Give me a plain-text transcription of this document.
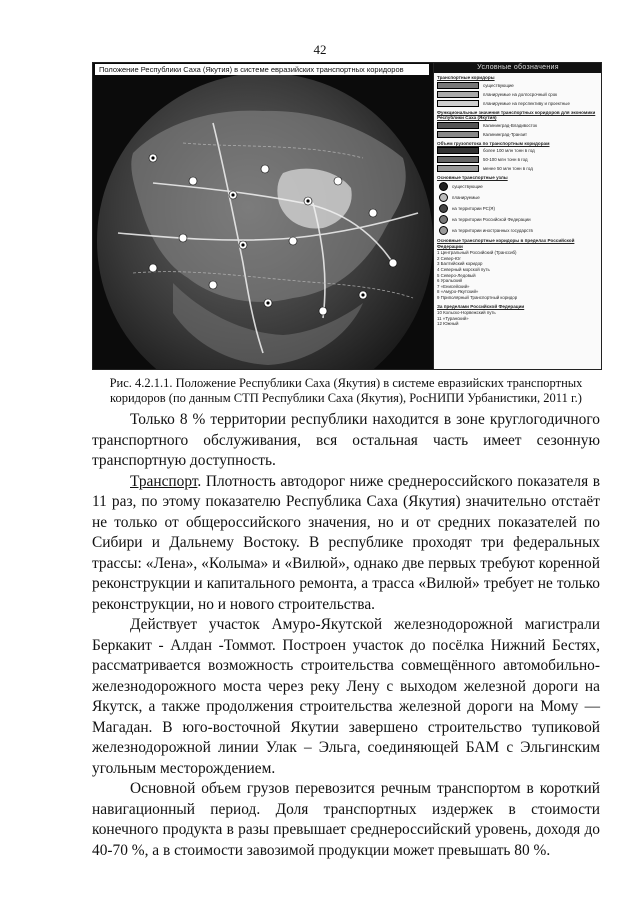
42
Положение Республики Саха (Якутия) в системе евразийских транспортных коридоров	Условные обозначения
Транспортные коридоры
существующие
планируемые на долгосрочный срок
планируемые на перспективу и проектные
Функциональные значения транспортных коридоров для экономики Республики Саха (Якутия)
Калининград-Владивосток
Калининград-Транзит
Объем грузопотока по транспортным коридорам
более 100 млн тонн в год
50-100 млн тонн в год
менее 50 млн тонн в год
Основные транспортные узлы
существующие
планируемые
на территории РС(Я)
на территории Российской Федерации
на территории иностранных государств
Основные транспортные коридоры в пределах Российской Федерации
1 Центральный Российский (Транссиб)
2 Север-Юг
3 Балтийский коридор
4 Северный морской путь
5 Северо-Ледовый
6 Уральский
7 «Енисейский»
8 «Амуро-Якутский»
9 Приполярный Транспортный коридор
За пределами Российской Федерации
10 Кольско-Норвежский путь
11 «Туранский»
12 Южный
Рис. 4.2.1.1. Положение Республики Саха (Якутия) в системе евразийских транспортных коридоров (по данным СТП Республики Саха (Якутия), РосНИПИ Урбанистики, 2011 г.)

Только 8 % территории республики находится в зоне круглогодичного транспортного обслуживания, вся остальная часть имеет сезонную транспортную доступность.

Транспорт. Плотность автодорог ниже среднероссийского показателя в 11 раз, по этому показателю Республика Саха (Якутия) значительно отстаёт не только от общероссийского значения, но и от средних показателей по Сибири и Дальнему Востоку. В республике проходят три федеральных трассы: «Лена», «Колыма» и «Вилюй», однако две первых требуют коренной реконструкции и капитального ремонта, а трасса «Вилюй» требует не только реконструкции, но и нового строительства.

Действует участок Амуро-Якутской железнодорожной магистрали Беркакит - Алдан -Томмот. Построен участок до посёлка Нижний Бестях, рассматривается возможность строительства совмещённого автомобильно-железнодорожного моста через реку Лену с выходом железной дороги на Якутск, а также продолжения строительства железной дороги на Мому — Магадан. В юго-восточной Якутии завершено строительство тупиковой железнодорожной линии Улак – Эльга, соединяющей БАМ с Эльгинским угольным месторождением.

Основной объем грузов перевозится речным транспортом в короткий навигационный период. Доля транспортных издержек в стоимости конечного продукта в разы превышает среднероссийский уровень, доходя до 40-70 %, а в стоимости завозимой продукции может превышать 80 %.
